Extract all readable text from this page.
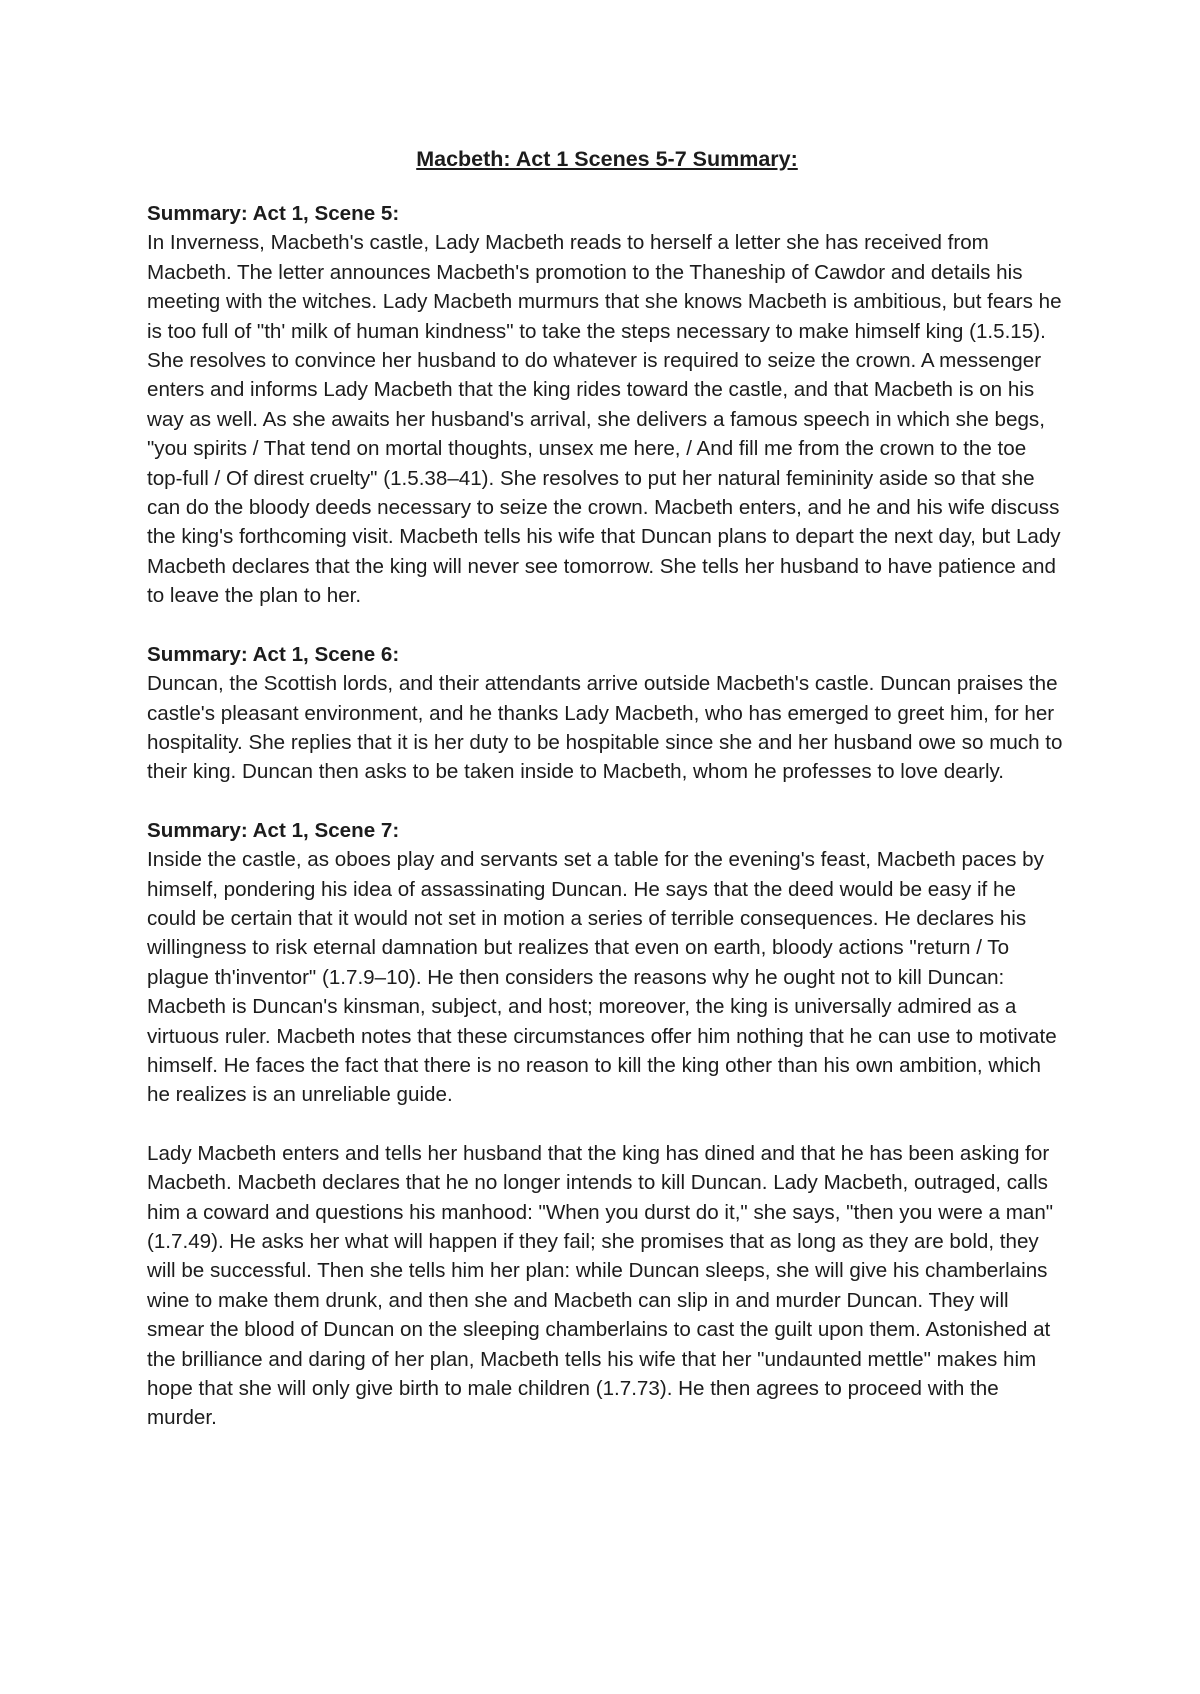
Macbeth: Act 1 Scenes 5-7 Summary:

Summary: Act 1, Scene 5:

In Inverness, Macbeth's castle, Lady Macbeth reads to herself a letter she has received from Macbeth. The letter announces Macbeth's promotion to the Thaneship of Cawdor and details his meeting with the witches. Lady Macbeth murmurs that she knows Macbeth is ambitious, but fears he is too full of "th' milk of human kindness" to take the steps necessary to make himself king (1.5.15). She resolves to convince her husband to do whatever is required to seize the crown. A messenger enters and informs Lady Macbeth that the king rides toward the castle, and that Macbeth is on his way as well. As she awaits her husband's arrival, she delivers a famous speech in which she begs, "you spirits / That tend on mortal thoughts, unsex me here, / And fill me from the crown to the toe top-full / Of direst cruelty" (1.5.38–41). She resolves to put her natural femininity aside so that she can do the bloody deeds necessary to seize the crown. Macbeth enters, and he and his wife discuss the king's forthcoming visit. Macbeth tells his wife that Duncan plans to depart the next day, but Lady Macbeth declares that the king will never see tomorrow. She tells her husband to have patience and to leave the plan to her.

Summary: Act 1, Scene 6:

Duncan, the Scottish lords, and their attendants arrive outside Macbeth's castle. Duncan praises the castle's pleasant environment, and he thanks Lady Macbeth, who has emerged to greet him, for her hospitality. She replies that it is her duty to be hospitable since she and her husband owe so much to their king. Duncan then asks to be taken inside to Macbeth, whom he professes to love dearly.

Summary: Act 1, Scene 7:

Inside the castle, as oboes play and servants set a table for the evening's feast, Macbeth paces by himself, pondering his idea of assassinating Duncan. He says that the deed would be easy if he could be certain that it would not set in motion a series of terrible consequences. He declares his willingness to risk eternal damnation but realizes that even on earth, bloody actions "return / To plague th'inventor" (1.7.9–10). He then considers the reasons why he ought not to kill Duncan: Macbeth is Duncan's kinsman, subject, and host; moreover, the king is universally admired as a virtuous ruler. Macbeth notes that these circumstances offer him nothing that he can use to motivate himself. He faces the fact that there is no reason to kill the king other than his own ambition, which he realizes is an unreliable guide.

Lady Macbeth enters and tells her husband that the king has dined and that he has been asking for Macbeth. Macbeth declares that he no longer intends to kill Duncan. Lady Macbeth, outraged, calls him a coward and questions his manhood: "When you durst do it," she says, "then you were a man" (1.7.49). He asks her what will happen if they fail; she promises that as long as they are bold, they will be successful. Then she tells him her plan: while Duncan sleeps, she will give his chamberlains wine to make them drunk, and then she and Macbeth can slip in and murder Duncan. They will smear the blood of Duncan on the sleeping chamberlains to cast the guilt upon them. Astonished at the brilliance and daring of her plan, Macbeth tells his wife that her "undaunted mettle" makes him hope that she will only give birth to male children (1.7.73). He then agrees to proceed with the murder.
